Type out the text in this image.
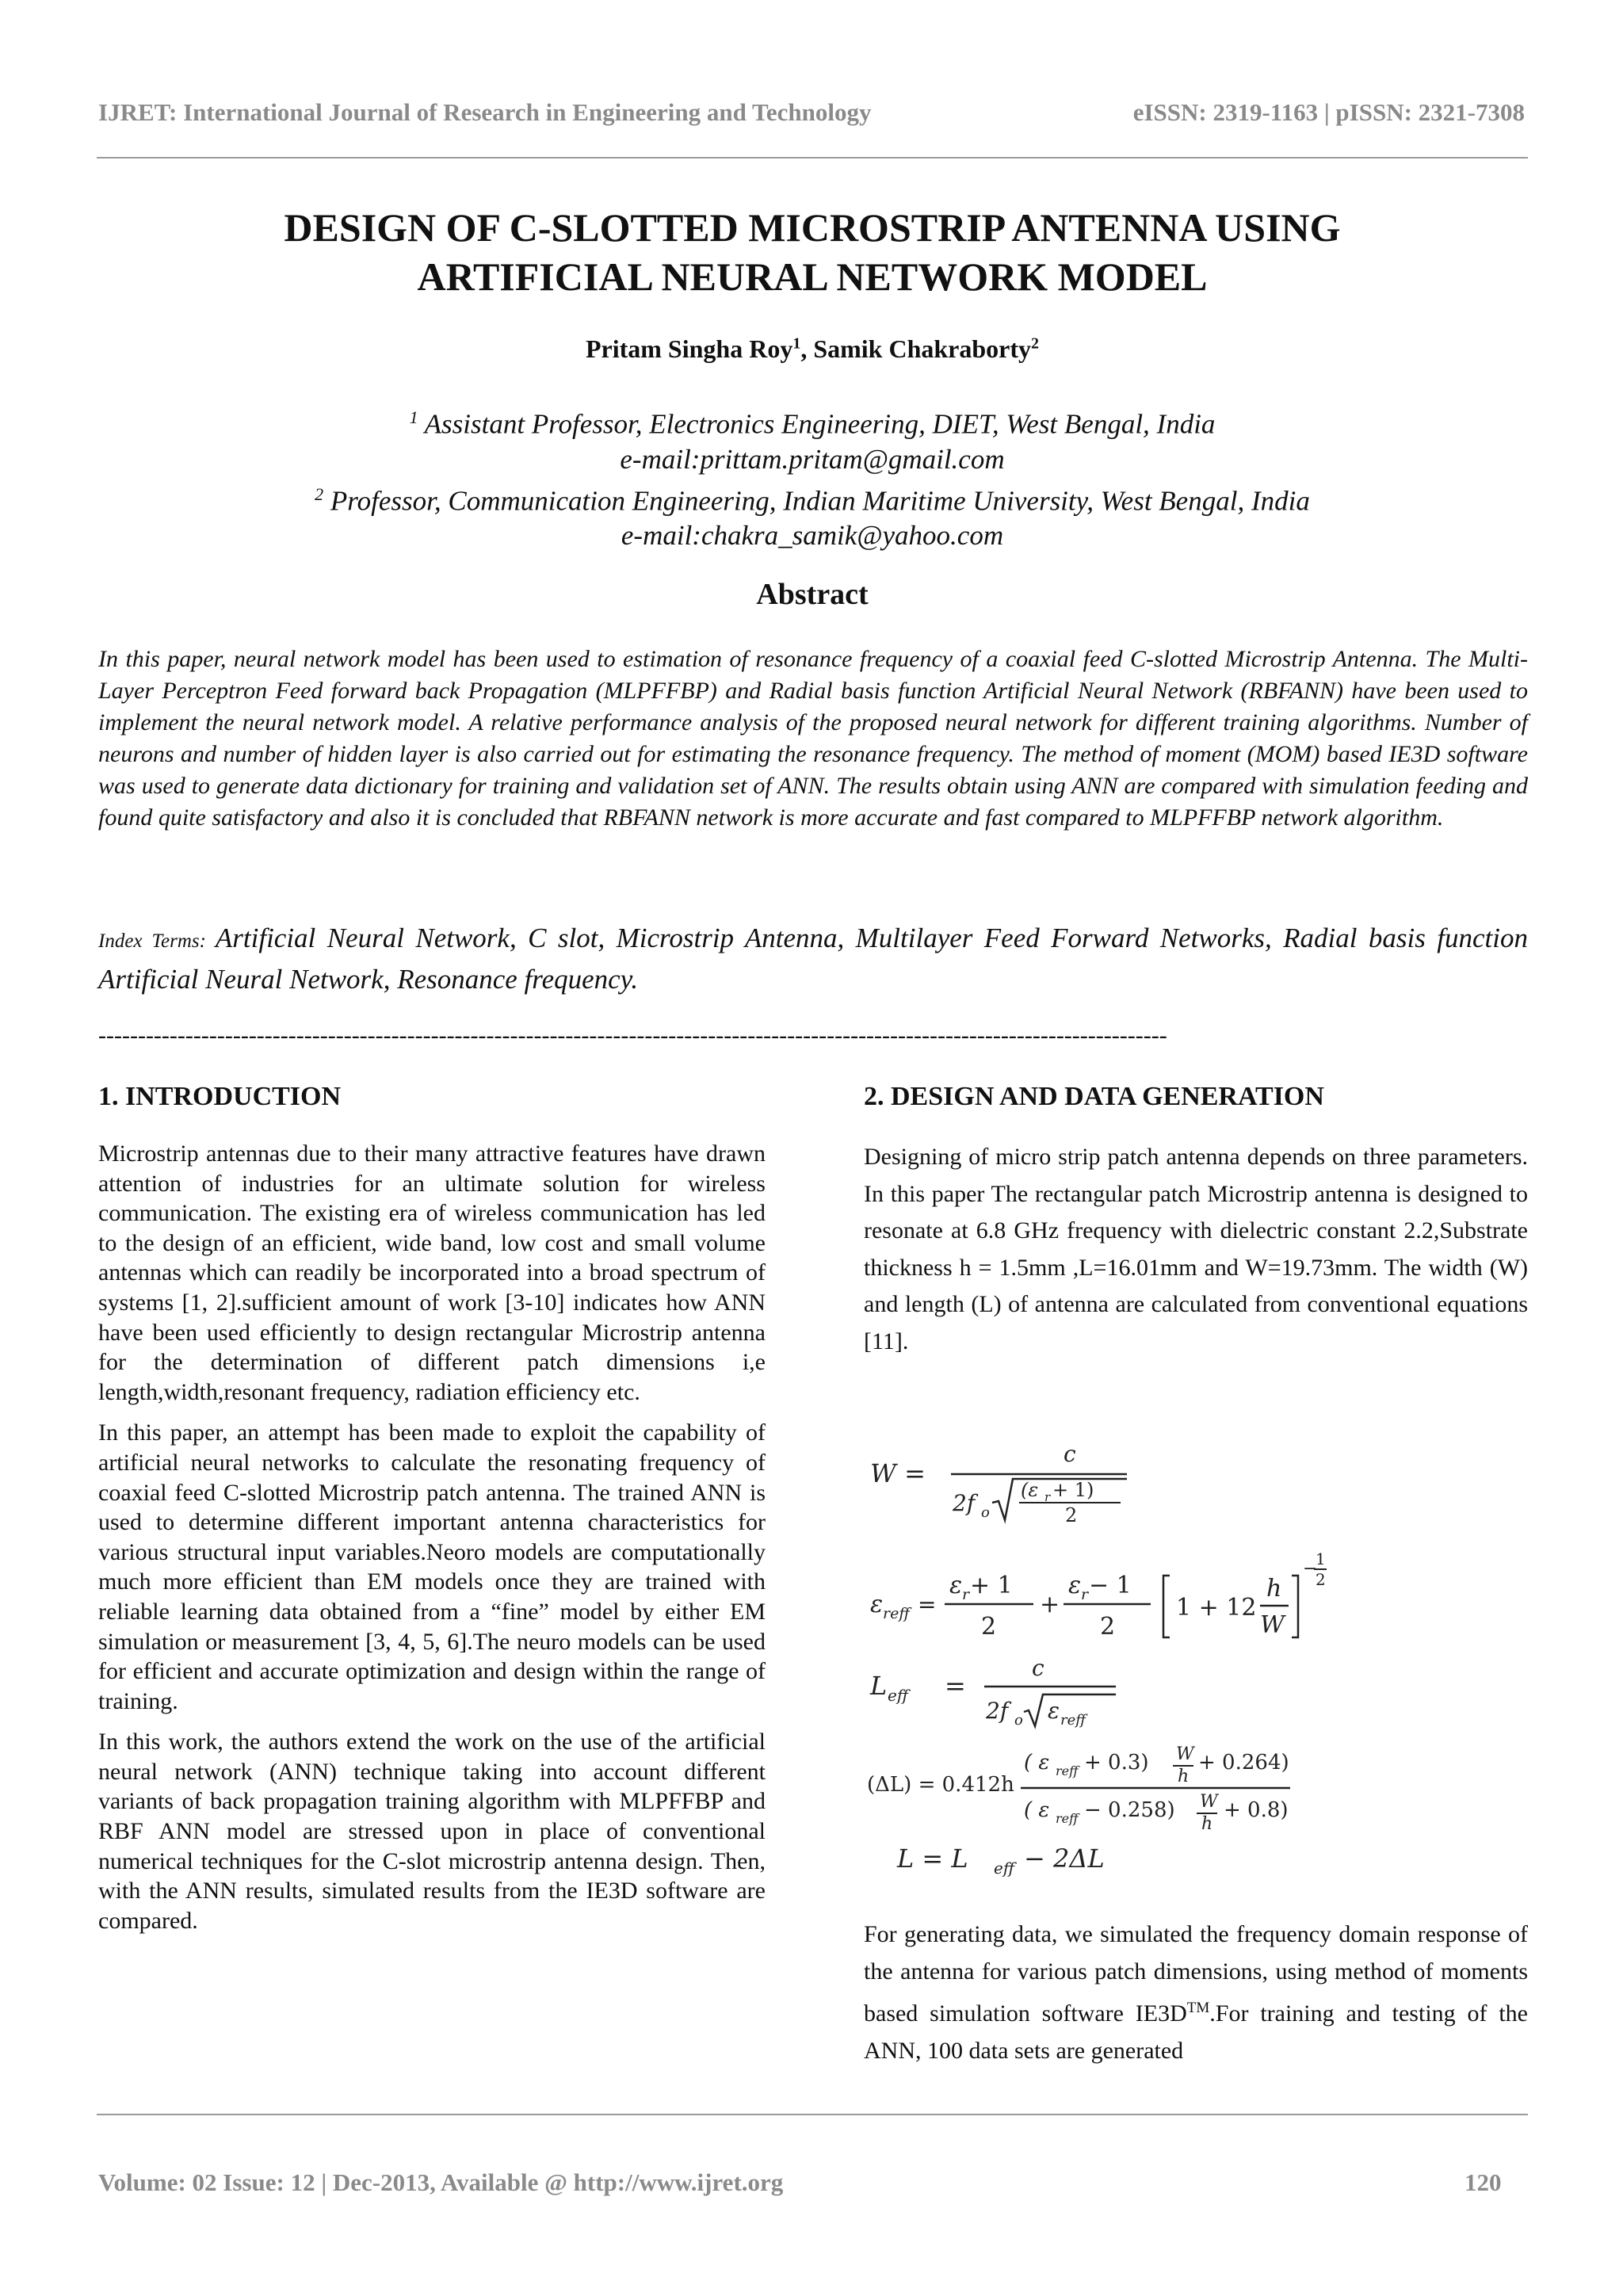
IJRET: International Journal of Research in Engineering and Technology	eISSN: 2319-1163 | pISSN: 2321-7308
DESIGN OF C-SLOTTED MICROSTRIP ANTENNA USING
ARTIFICIAL NEURAL NETWORK MODEL
Pritam Singha Roy$^1$, Samik Chakraborty$^2$
$^1$ Assistant Professor, Electronics Engineering, DIET, West Bengal, India
e-mail:prittam.pritam@gmail.com
$^2$ Professor, Communication Engineering, Indian Maritime University, West Bengal, India
e-mail:chakra_samik@yahoo.com
Abstract
In this paper, neural network model has been used to estimation of resonance frequency of a coaxial feed C-slotted Microstrip Antenna. The Multi-Layer Perceptron Feed forward back Propagation (MLPFFBP) and Radial basis function Artificial Neural Network (RBFANN) have been used to implement the neural network model. A relative performance analysis of the proposed neural network for different training algorithms. Number of neurons and number of hidden layer is also carried out for estimating the resonance frequency. The method of moment (MOM) based IE3D software was used to generate data dictionary for training and validation set of ANN. The results obtain using ANN are compared with simulation feeding and found quite satisfactory and also it is concluded that RBFANN network is more accurate and fast compared to MLPFFBP network algorithm.
Index Terms: Artificial Neural Network, C slot, Microstrip Antenna, Multilayer Feed Forward Networks, Radial basis function Artificial Neural Network, Resonance frequency.
---------------------------------------------------------------------------------------------------------------------------------------
1. INTRODUCTION

Microstrip antennas due to their many attractive features have drawn attention of industries for an ultimate solution for wireless communication. The existing era of wireless communication has led to the design of an efficient, wide band, low cost and small volume antennas which can readily be incorporated into a broad spectrum of systems [1, 2].sufficient amount of work [3-10] indicates how ANN have been used efficiently to design rectangular Microstrip antenna for the determination of different patch dimensions i,e length,width,resonant frequency, radiation efficiency etc.

In this paper, an attempt has been made to exploit the capability of artificial neural networks to calculate the resonating frequency of coaxial feed C-slotted Microstrip patch antenna. The trained ANN is used to determine different important antenna characteristics for various structural input variables.Neoro models are computationally much more efficient than EM models once they are trained with reliable learning data obtained from a “fine” model by either EM simulation or measurement [3, 4, 5, 6].The neuro models can be used for efficient and accurate optimization and design within the range of training.

In this work, the authors extend the work on the use of the artificial neural network (ANN) technique taking into account different variants of back propagation training algorithm with MLPFFBP and RBF ANN model are stressed upon in place of conventional numerical techniques for the C-slot microstrip antenna design. Then, with the ANN results, simulated results from the IE3D software are compared.

2. DESIGN AND DATA GENERATION

Designing of micro strip patch antenna depends on three parameters. In this paper The rectangular patch Microstrip antenna is designed to resonate at 6.8 GHz frequency with dielectric constant 2.2,Substrate thickness h = 1.5mm ,L=16.01mm and W=19.73mm. The width (W) and length (L) of antenna are calculated from conventional equations [11].

W =
c
2f o
(ε r + 1)
2
ε reff =
ε r + 1
2
+
ε r − 1
2
1 + 12
h
W
−
1
2
L eff =
c
2f o ε reff
(ΔL) = 0.412h
( ε reff + 0.3) W
h
+ 0.264)
( ε reff − 0.258) W
h
+ 0.8)
L = L eff − 2ΔL

For generating data, we simulated the frequency domain response of the antenna for various patch dimensions, using method of moments based simulation software IE3D™.For training and testing of the ANN, 100 data sets are generated

Volume: 02 Issue: 12 | Dec-2013, Available @ http://www.ijret.org	120
